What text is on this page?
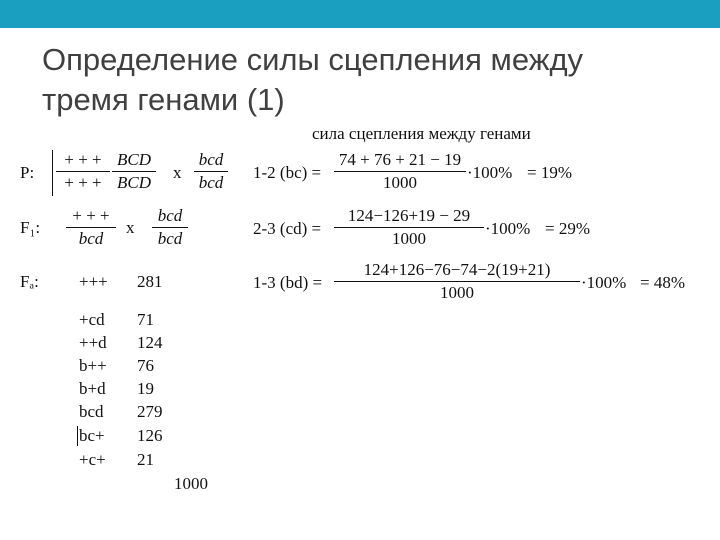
Определение силы сцепления между
тремя генами (1)
сила сцепления между генами
P:
+ + +
+ + +
BCD
BCD
x
bcd
bcd
F₁:
+ + +
bcd
x
bcd
bcd
Fₐ: +++ 281
+cd 71
++d 124
b++ 76
b+d 19
bcd 279
bc+ 126
+c+ 21
1000
1-2 (bc) =
74 + 76 + 21 − 19
1000
·100% = 19%
2-3 (cd) =
124−126+19 − 29
1000
·100% = 29%
1-3 (bd) =
124+126−76−74−2(19+21)
1000
·100% = 48%
